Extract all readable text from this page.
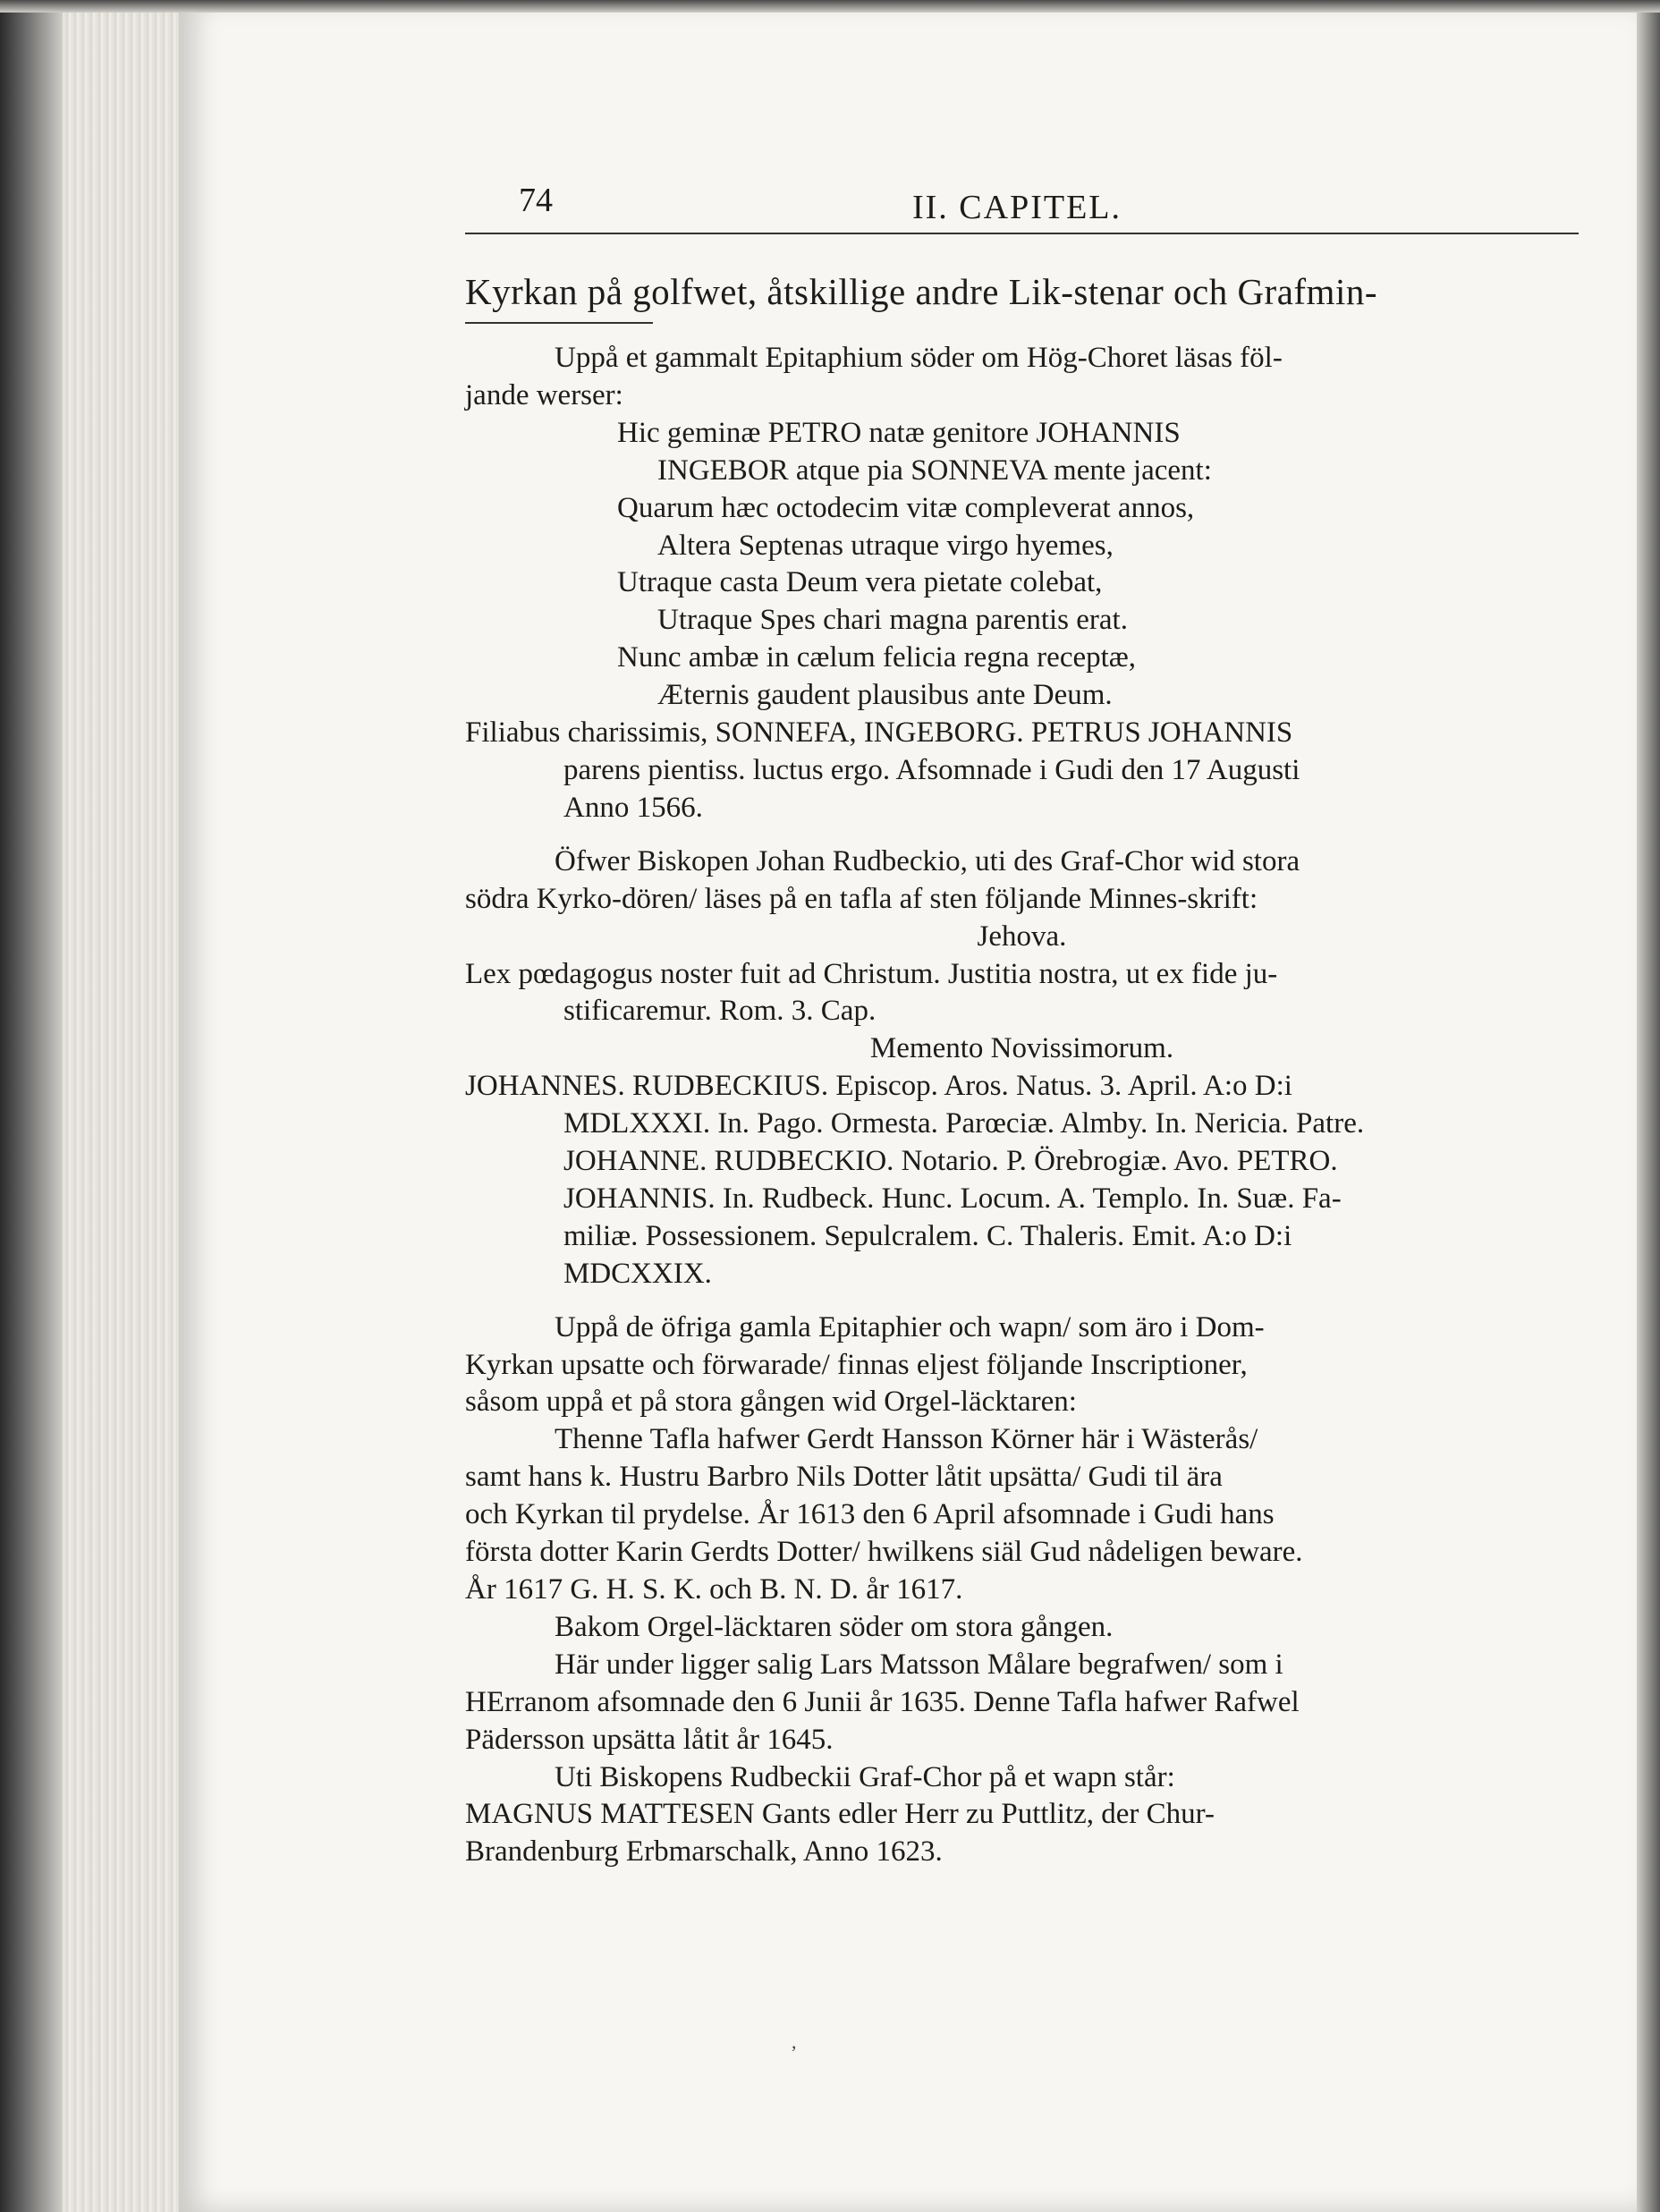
74	II. CAPITEL.
Kyrkan på golfwet, åtskillige andre Lik-stenar och Grafmin-

Uppå et gammalt Epitaphium söder om Hög-Choret läsas föl-

jande werser:

Hic geminæ PETRO natæ genitore JOHANNIS
INGEBOR atque pia SONNEVA mente jacent:
Quarum hæc octodecim vitæ compleverat annos,
Altera Septenas utraque virgo hyemes,
Utraque casta Deum vera pietate colebat,
Utraque Spes chari magna parentis erat.
Nunc ambæ in cælum felicia regna receptæ,
Æternis gaudent plausibus ante Deum.

Filiabus charissimis, SONNEFA, INGEBORG. PETRUS JOHANNIS

parens pientiss. luctus ergo. Afsomnade i Gudi den 17 Augusti

Anno 1566.

Öfwer Biskopen Johan Rudbeckio, uti des Graf-Chor wid stora

södra Kyrko-dören/ läses på en tafla af sten följande Minnes-skrift:

Jehova.

Lex pœdagogus noster fuit ad Christum. Justitia nostra, ut ex fide ju-

stificaremur. Rom. 3. Cap.

Memento Novissimorum.

JOHANNES. RUDBECKIUS. Episcop. Aros. Natus. 3. April. A:o D:i

MDLXXXI. In. Pago. Ormesta. Parœciæ. Almby. In. Nericia. Patre.

JOHANNE. RUDBECKIO. Notario. P. Örebrogiæ. Avo. PETRO.

JOHANNIS. In. Rudbeck. Hunc. Locum. A. Templo. In. Suæ. Fa-

miliæ. Possessionem. Sepulcralem. C. Thaleris. Emit. A:o D:i

MDCXXIX.

Uppå de öfriga gamla Epitaphier och wapn/ som äro i Dom-

Kyrkan upsatte och förwarade/ finnas eljest följande Inscriptioner,

såsom uppå et på stora gången wid Orgel-läcktaren:

Thenne Tafla hafwer Gerdt Hansson Körner här i Wästerås/

samt hans k. Hustru Barbro Nils Dotter låtit upsätta/ Gudi til ära

och Kyrkan til prydelse. År 1613 den 6 April afsomnade i Gudi hans

första dotter Karin Gerdts Dotter/ hwilkens siäl Gud nådeligen beware.

År 1617 G. H. S. K. och B. N. D. år 1617.

Bakom Orgel-läcktaren söder om stora gången.

Här under ligger salig Lars Matsson Målare begrafwen/ som i

HErranom afsomnade den 6 Junii år 1635. Denne Tafla hafwer Rafwel

Pädersson upsätta låtit år 1645.

Uti Biskopens Rudbeckii Graf-Chor på et wapn står:

MAGNUS MATTESEN Gants edler Herr zu Puttlitz, der Chur-

Brandenburg Erbmarschalk, Anno 1623.

,
